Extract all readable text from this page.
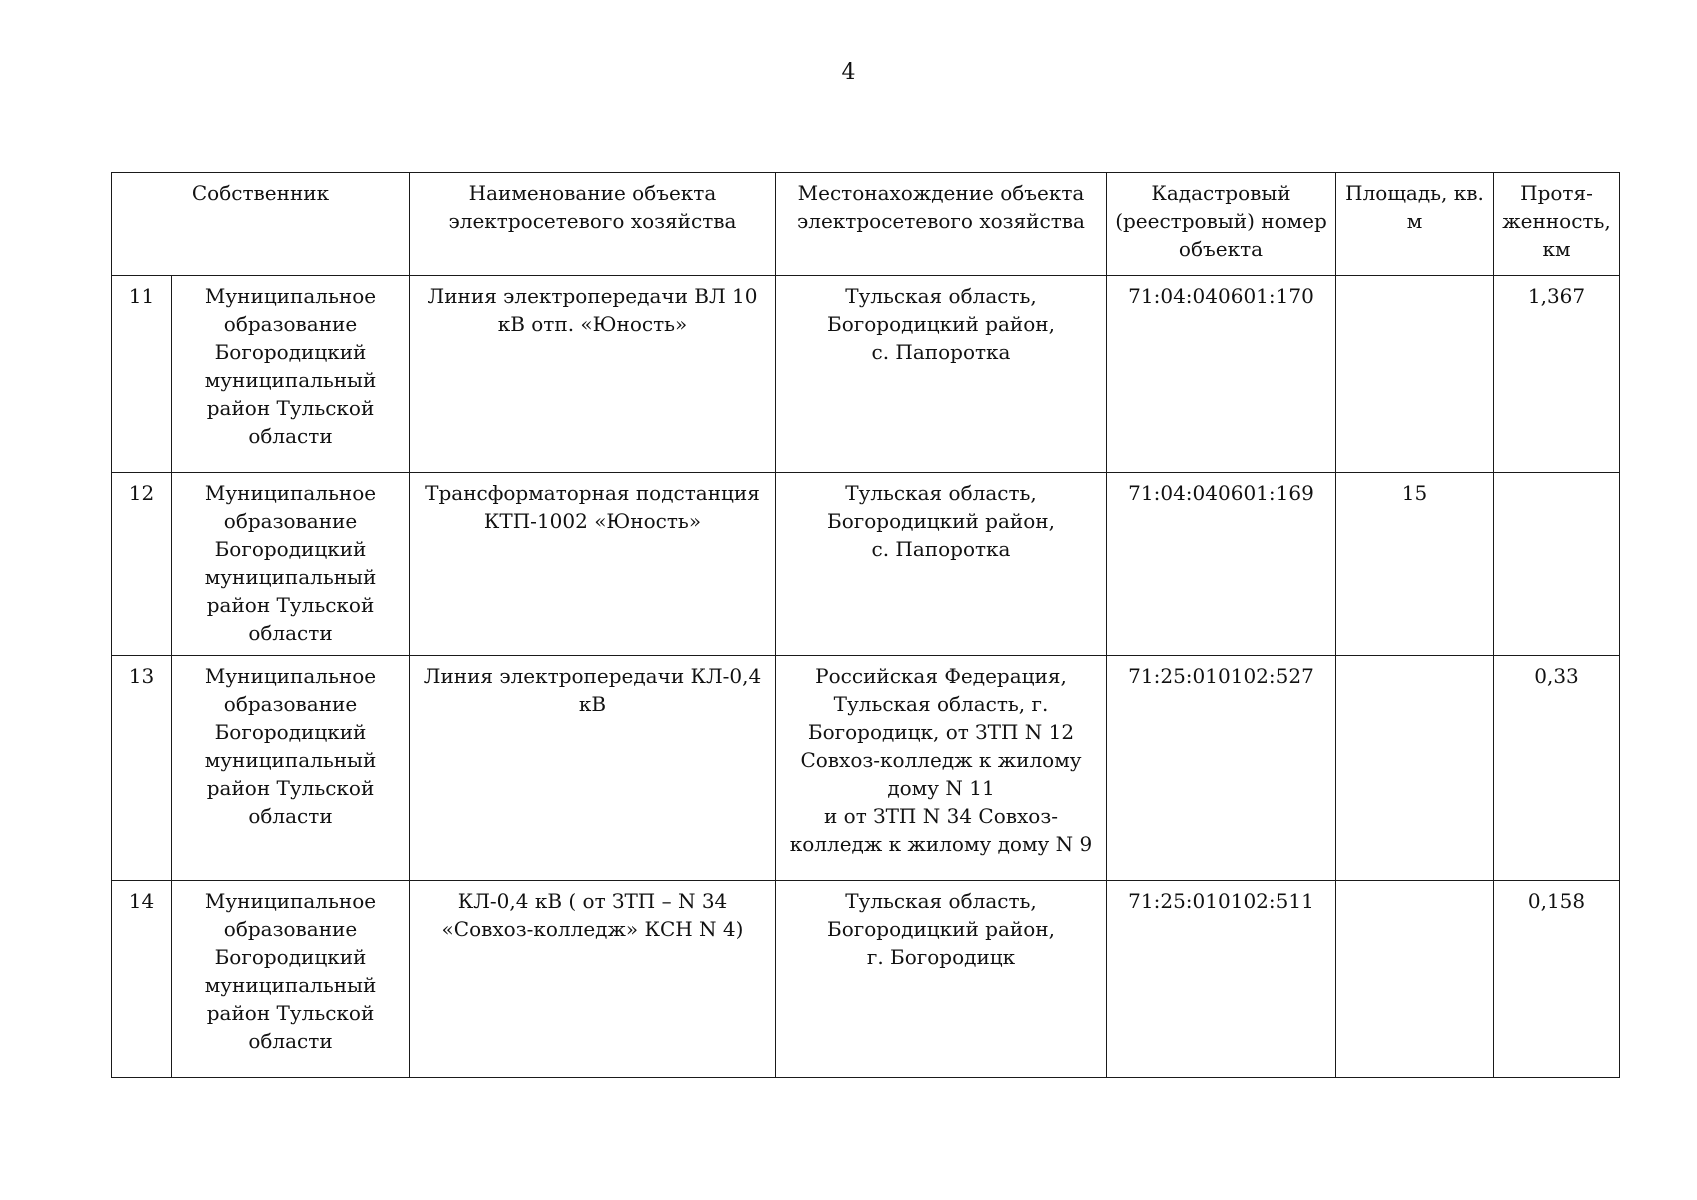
4
Собственник		Наименование объекта электросетевого хозяйства	Местонахождение объекта электросетевого хозяйства	Кадастровый (реестровый) номер объекта	Площадь, кв. м	Протя-
женность, км
11	Муниципальное образование Богородицкий муниципальный район Тульской области	Линия электропередачи ВЛ 10 кВ отп. «Юность»	Тульская область,
Богородицкий район,
с. Папоротка	71:04:040601:170		1,367
12	Муниципальное образование Богородицкий муниципальный район Тульской области	Трансформаторная подстанция КТП-1002 «Юность»	Тульская область,
Богородицкий район,
с. Папоротка	71:04:040601:169	15	
13	Муниципальное образование Богородицкий муниципальный район Тульской области	Линия электропередачи КЛ-0,4 кВ	Российская Федерация, Тульская область, г. Богородицк, от ЗТП N 12 Совхоз-колледж к жилому дому N 11
и от ЗТП N 34 Совхоз-колледж к жилому дому N 9	71:25:010102:527		0,33
14	Муниципальное образование Богородицкий муниципальный район Тульской области	КЛ-0,4 кВ ( от ЗТП – N 34 «Совхоз-колледж» КСН N 4)	Тульская область,
Богородицкий район,
г. Богородицк	71:25:010102:511		0,158
